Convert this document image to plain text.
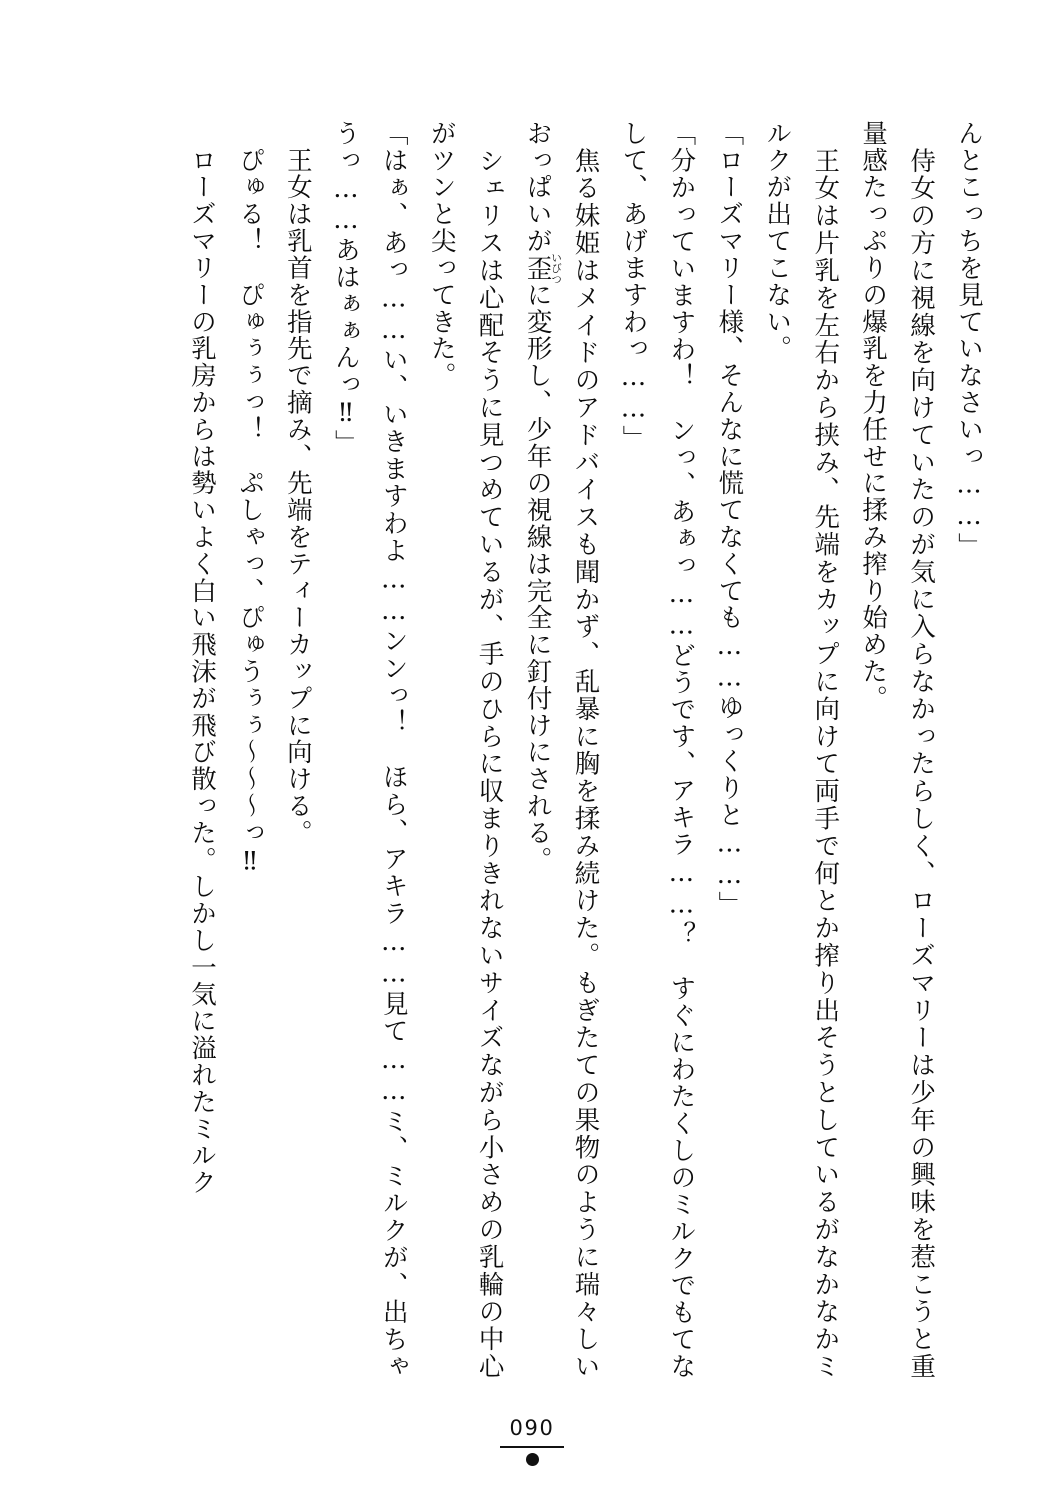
んとこっちを見ていなさいっ……」

　侍女の方に視線を向けていたのが気に入らなかったらしく、ローズマリーは少年の興味を惹こうと重量感たっぷりの爆乳を力任せに揉み搾り始めた。

　王女は片乳を左右から挟み、先端をカップに向けて両手で何とか搾り出そうとしているがなかなかミルクが出てこない。

「ローズマリー様、そんなに慌てなくても……ゆっくりと……」

「分かっていますわ！　ンっ、あぁっ……どうです、アキラ……？　すぐにわたくしのミルクでもてなして、あげますわっ……」

　焦る妹姫はメイドのアドバイスも聞かず、乱暴に胸を揉み続けた。もぎたての果物のように瑞々しいおっぱいが歪いびつに変形し、少年の視線は完全に釘付けにされる。

　シェリスは心配そうに見つめているが、手のひらに収まりきれないサイズながら小さめの乳輪の中心がツンと尖ってきた。

「はぁ、あっ……い、いきますわよ……ンンっ！　ほら、アキラ……見て……ミ、ミルクが、出ちゃうっ……あはぁぁんっ‼」

　王女は乳首を指先で摘み、先端をティーカップに向ける。

　ぴゅる！　ぴゅぅぅっ！　ぷしゃっ、ぴゅうぅぅ～～～っ‼

　ローズマリーの乳房からは勢いよく白い飛沫が飛び散った。しかし一気に溢れたミルク

090
